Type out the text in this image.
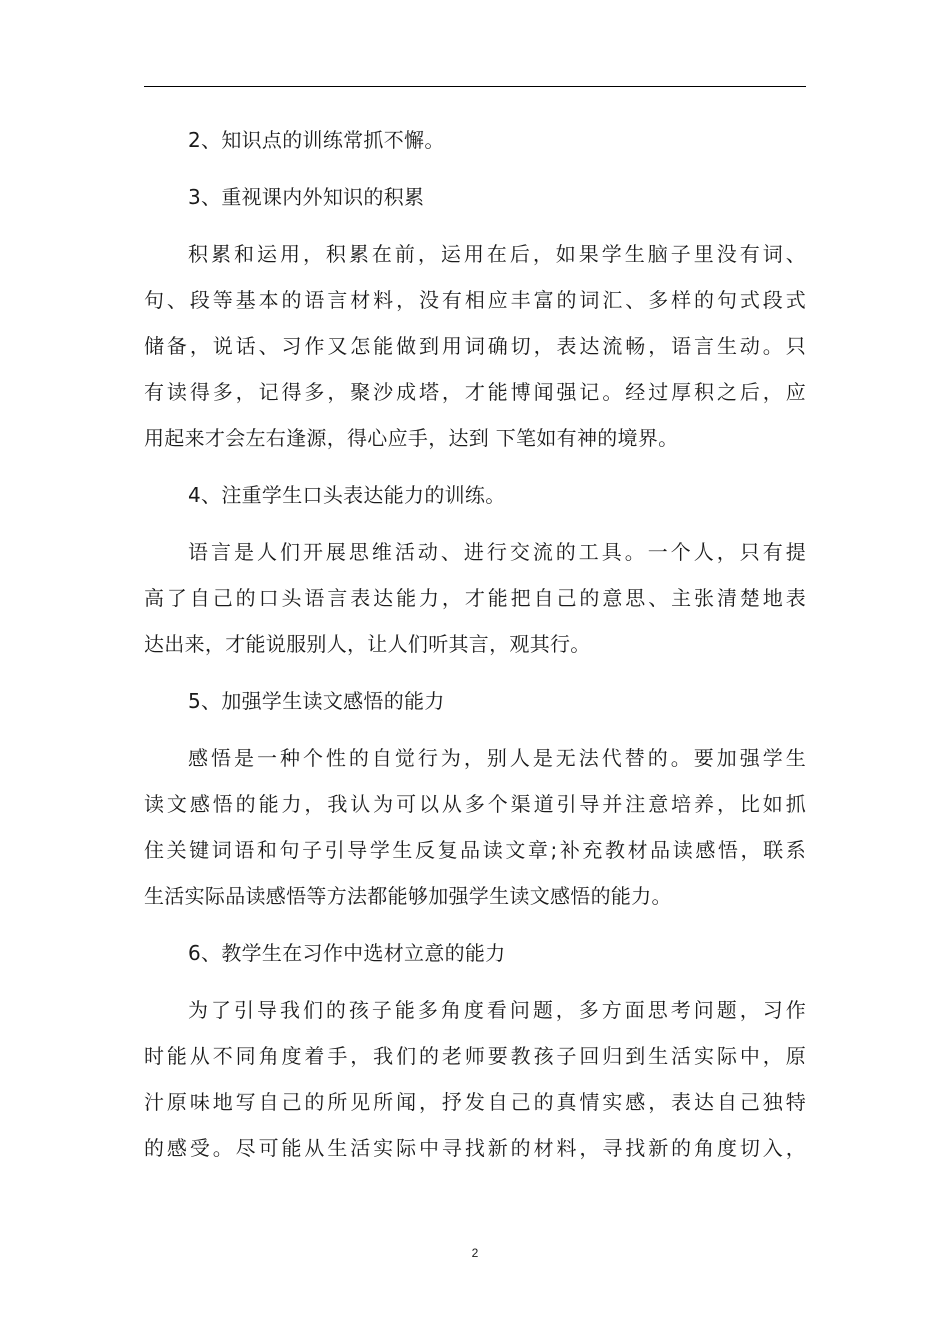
2、知识点的训练常抓不懈。
3、重视课内外知识的积累
积累和运用，积累在前，运用在后，如果学生脑子里没有词、
句、段等基本的语言材料，没有相应丰富的词汇、多样的句式段式
储备，说话、习作又怎能做到用词确切，表达流畅，语言生动。只
有读得多，记得多，聚沙成塔，才能博闻强记。经过厚积之后，应
用起来才会左右逢源，得心应手，达到 下笔如有神的境界。
4、注重学生口头表达能力的训练。
语言是人们开展思维活动、进行交流的工具。一个人，只有提
高了自己的口头语言表达能力，才能把自己的意思、主张清楚地表
达出来，才能说服别人，让人们听其言，观其行。
5、加强学生读文感悟的能力
感悟是一种个性的自觉行为，别人是无法代替的。要加强学生
读文感悟的能力，我认为可以从多个渠道引导并注意培养，比如抓
住关键词语和句子引导学生反复品读文章;补充教材品读感悟，联系
生活实际品读感悟等方法都能够加强学生读文感悟的能力。
6、教学生在习作中选材立意的能力
为了引导我们的孩子能多角度看问题，多方面思考问题，习作
时能从不同角度着手，我们的老师要教孩子回归到生活实际中，原
汁原味地写自己的所见所闻，抒发自己的真情实感，表达自己独特
的感受。尽可能从生活实际中寻找新的材料，寻找新的角度切入，
2
